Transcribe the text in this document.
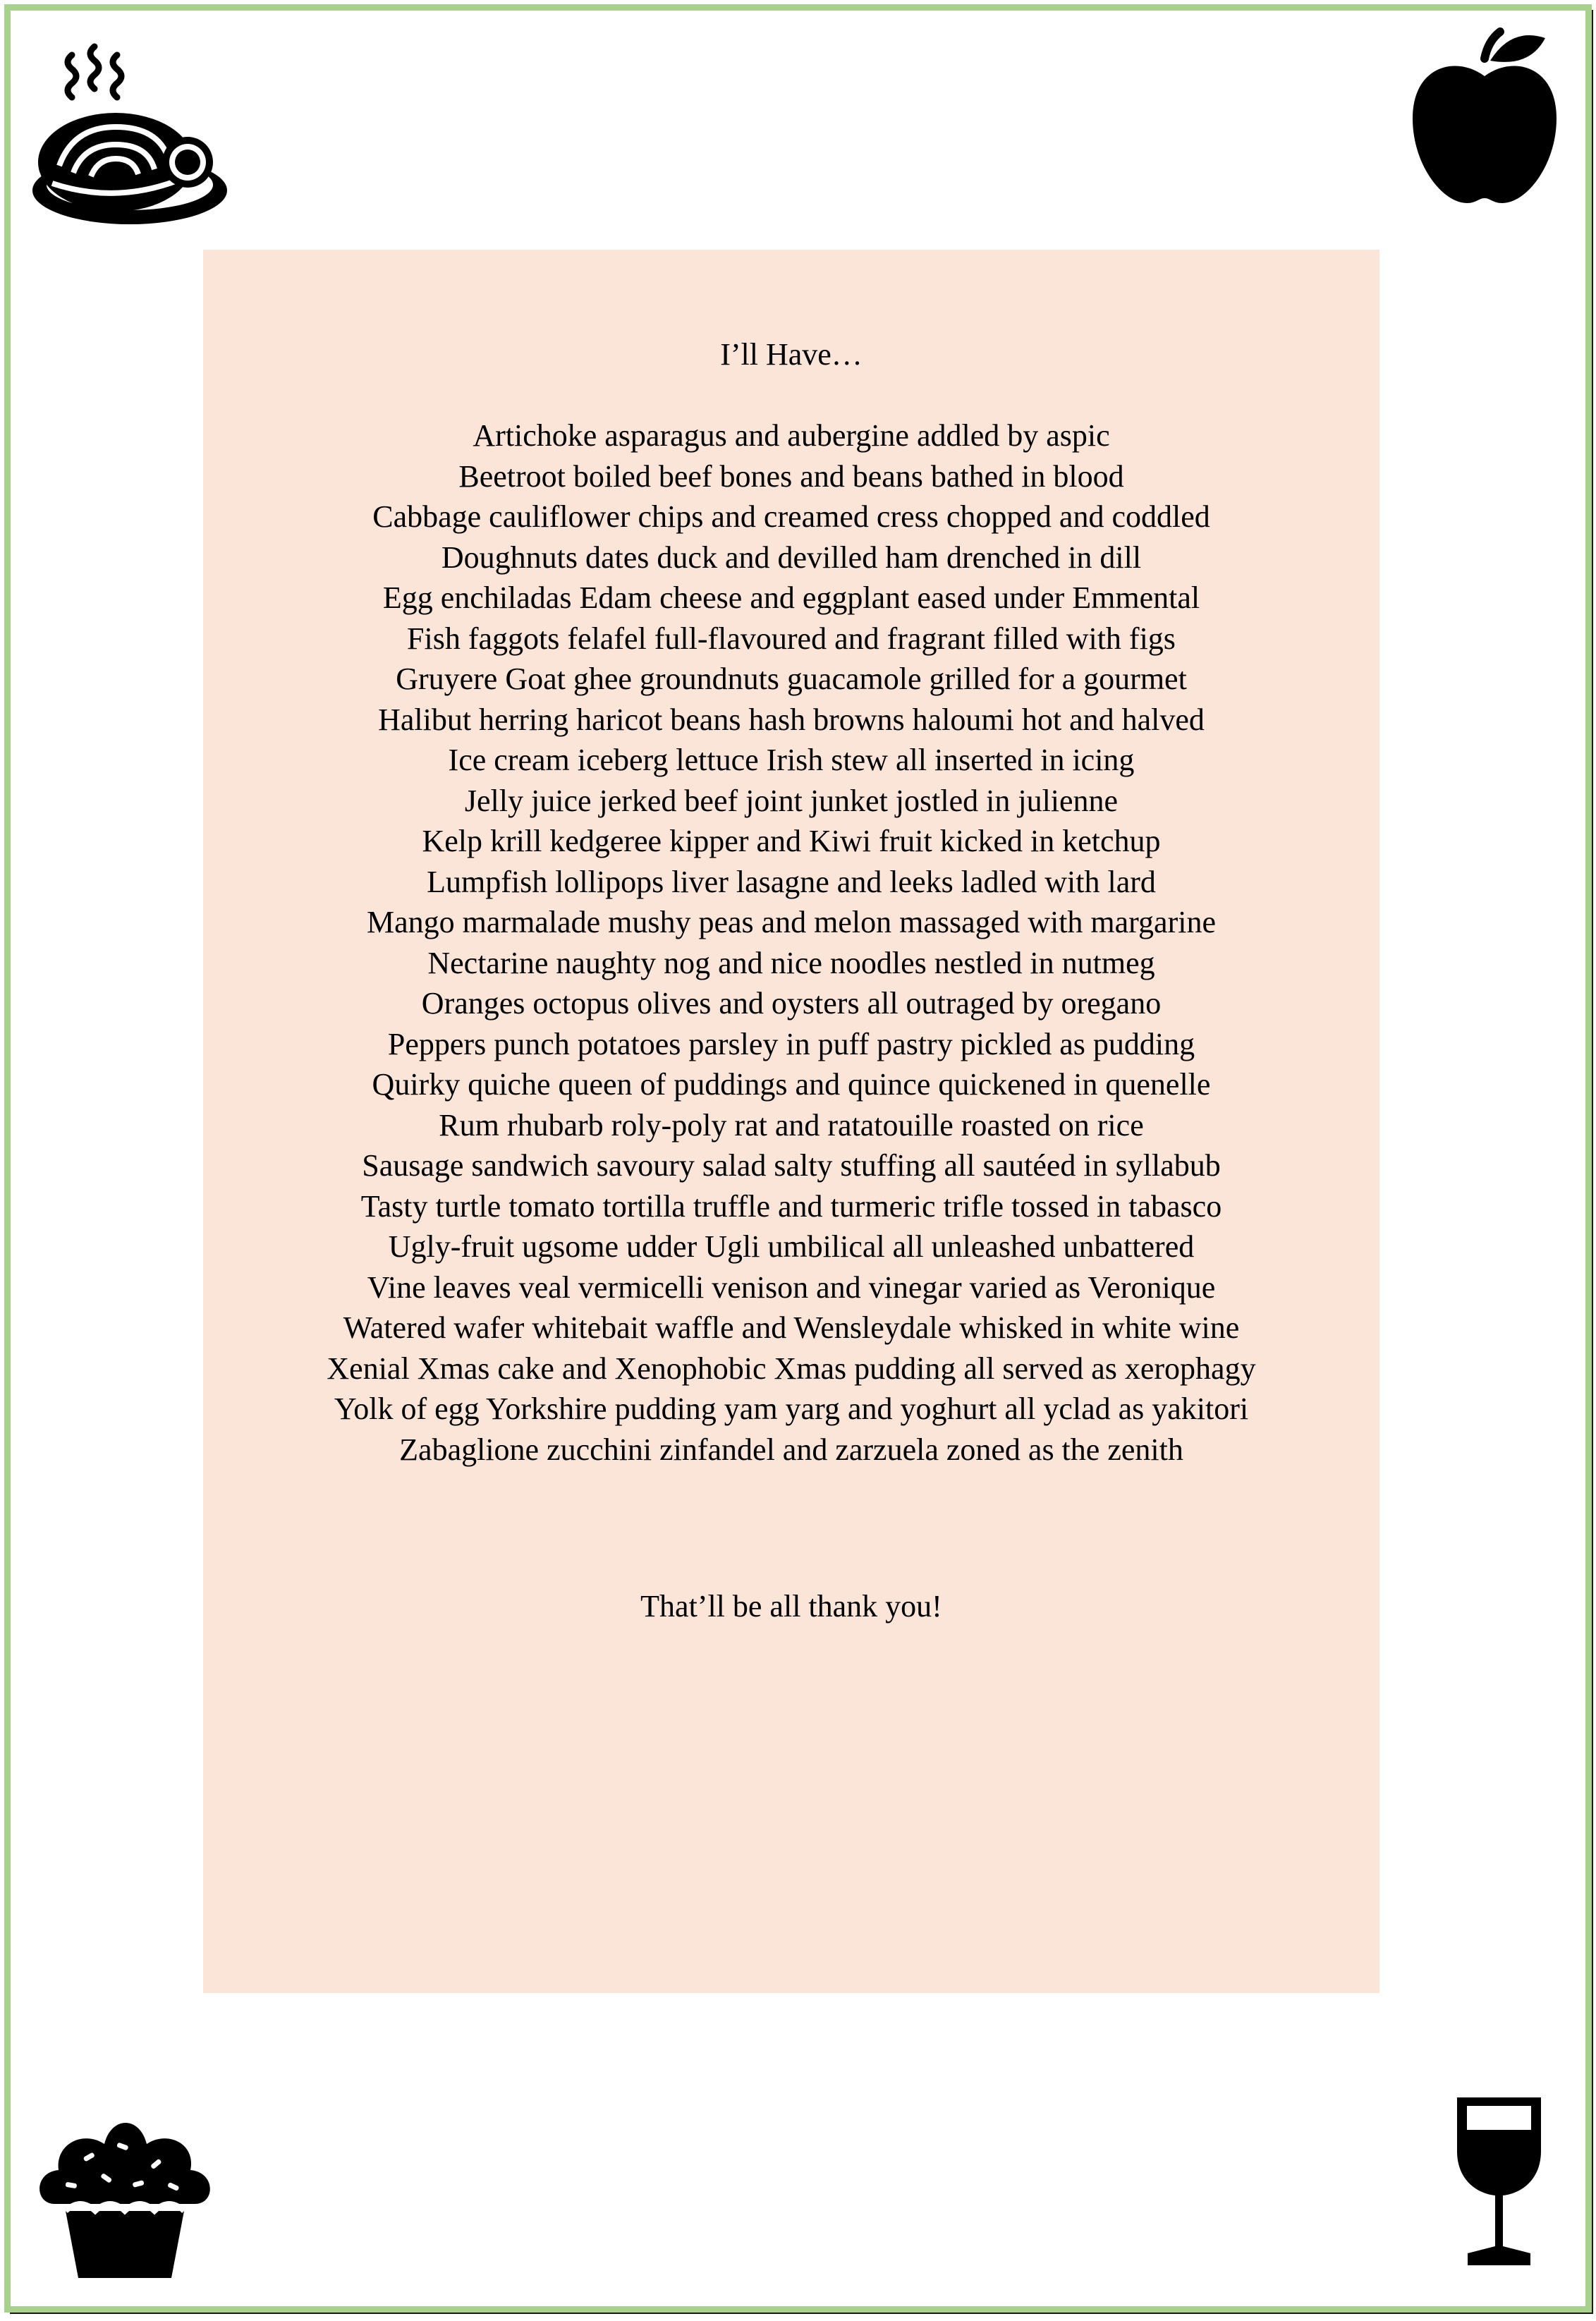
I’ll Have…
Artichoke asparagus and aubergine addled by aspic
Beetroot boiled beef bones and beans bathed in blood
Cabbage cauliflower chips and creamed cress chopped and coddled
Doughnuts dates duck and devilled ham drenched in dill
Egg enchiladas Edam cheese and eggplant eased under Emmental
Fish faggots felafel full-flavoured and fragrant filled with figs
Gruyere Goat ghee groundnuts guacamole grilled for a gourmet
Halibut herring haricot beans hash browns haloumi hot and halved
Ice cream iceberg lettuce Irish stew all inserted in icing
Jelly juice jerked beef joint junket jostled in julienne
Kelp krill kedgeree kipper and Kiwi fruit kicked in ketchup
Lumpfish lollipops liver lasagne and leeks ladled with lard
Mango marmalade mushy peas and melon massaged with margarine
Nectarine naughty nog and nice noodles nestled in nutmeg
Oranges octopus olives and oysters all outraged by oregano
Peppers punch potatoes parsley in puff pastry pickled as pudding
Quirky quiche queen of puddings and quince quickened in quenelle
Rum rhubarb roly-poly rat and ratatouille roasted on rice
Sausage sandwich savoury salad salty stuffing all sautéed in syllabub
Tasty turtle tomato tortilla truffle and turmeric trifle tossed in tabasco
Ugly-fruit ugsome udder Ugli umbilical all unleashed unbattered
Vine leaves veal vermicelli venison and vinegar varied as Veronique
Watered wafer whitebait waffle and Wensleydale whisked in white wine
Xenial Xmas cake and Xenophobic Xmas pudding all served as xerophagy
Yolk of egg Yorkshire pudding yam yarg and yoghurt all yclad as yakitori
Zabaglione zucchini zinfandel and zarzuela zoned as the zenith
That’ll be all thank you!
